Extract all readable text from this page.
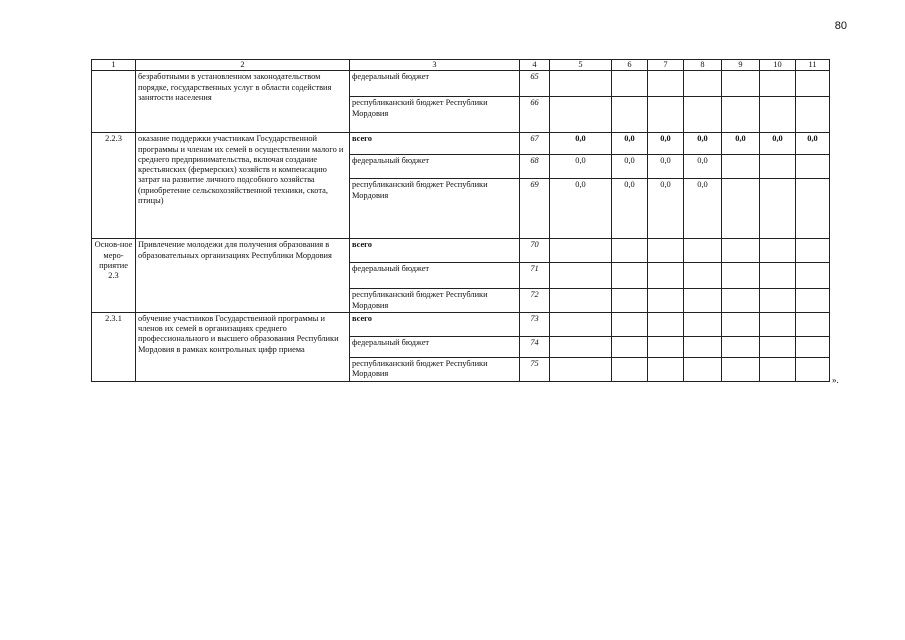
80
1	2	3	4	5	6	7	8	9	10	11
	безработными в установленном законодательством порядке, государственных услуг в области содействия занятости населения	федеральный бюджет	65							
		республиканский бюджет Республики Мордовия	66							
2.2.3	оказание поддержки участникам Государственной программы и членам их семей в осуществлении малого и среднего предпринимательства, включая создание крестьянских (фермерских) хозяйств и компенсацию затрат на развитие личного подсобного хозяйства (приобретение сельскохозяйственной техники, скота, птицы)	всего	67	0,0	0,0	0,0	0,0	0,0	0,0	0,0
		федеральный бюджет	68	0,0	0,0	0,0	0,0			
		республиканский бюджет Республики Мордовия	69	0,0	0,0	0,0	0,0			
Основ-ное меро-приятие 2.3	Привлечение молодежи для получения образования в образовательных организациях Республики Мордовия	всего	70							
		федеральный бюджет	71							
		республиканский бюджет Республики Мордовия	72							
2.3.1	обучение участников Государственной программы и членов их семей в организациях среднего профессионального и высшего образования Республики Мордовия в рамках контрольных цифр приема	всего	73							
		федеральный бюджет	74							
		республиканский бюджет Республики Мордовия	75							
».
